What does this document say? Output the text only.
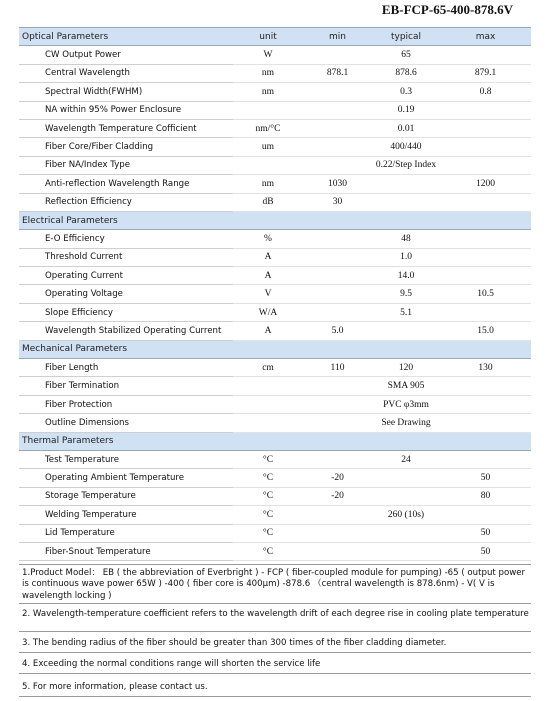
EB-FCP-65-400-878.6V
Optical Parameters	unit	min	typical	max
CW Output Power	W		65	
Central Wavelength	nm	878.1	878.6	879.1
Spectral Width(FWHM)	nm		0.3	0.8
NA within 95% Power Enclosure			0.19	
Wavelength Temperature Cofficient	nm/°C		0.01	
Fiber Core/Fiber Cladding	um		400/440	
Fiber NA/Index Type			0.22/Step Index	
Anti-reflection Wavelength Range	nm	1030		1200
Reflection Efficiency	dB	30		
Electrical Parameters				
E-O Efficiency	%		48	
Threshold Current	A		1.0	
Operating Current	A		14.0	
Operating Voltage	V		9.5	10.5
Slope Efficiency	W/A		5.1	
Wavelength Stabilized Operating Current	A	5.0		15.0
Mechanical Parameters				
Fiber Length	cm	110	120	130
Fiber Termination			SMA 905	
Fiber Protection			PVC φ3mm	
Outline Dimensions			See Drawing	
Thermal Parameters				
Test Temperature	°C		24	
Operating Ambient Temperature	°C	-20		50
Storage Temperature	°C	-20		80
Welding Temperature	°C		260 (10s)	
Lid Temperature	°C			50
Fiber-Snout Temperature	°C			50
1.Product Model： EB ( the abbreviation of Everbright ) - FCP ( fiber-coupled module for pumping) -65 ( output power is continuous wave power 65W ) -400 ( fiber core is 400μm) -878.6 （central wavelength is 878.6nm) - V( V is wavelength locking )
2. Wavelength-temperature coefficient refers to the wavelength drift of each degree rise in cooling plate temperature
3. The bending radius of the fiber should be greater than 300 times of the fiber cladding diameter.
4. Exceeding the normal conditions range will shorten the service life
5. For more information, please contact us.
